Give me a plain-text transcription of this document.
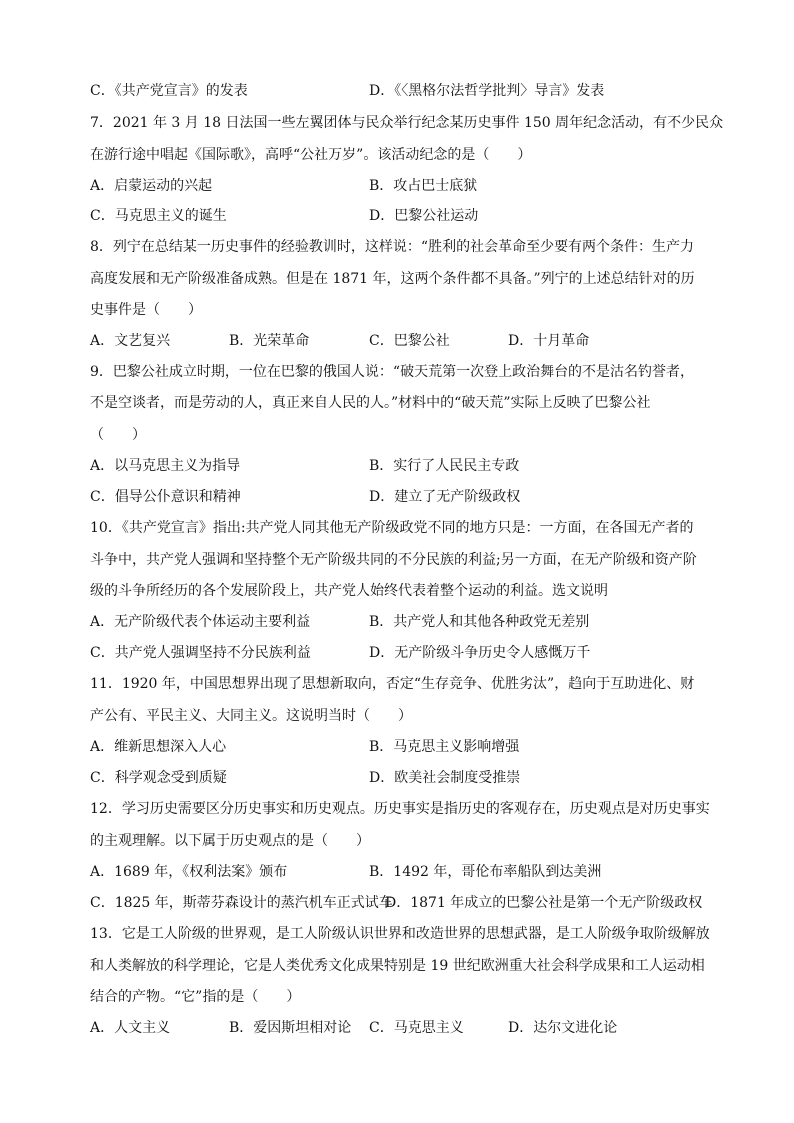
C．《共产党宣言》的发表	D．《〈黑格尔法哲学批判〉导言》发表
7．2021 年 3 月 18 日法国一些左翼团体与民众举行纪念某历史事件 150 周年纪念活动，有不少民众
在游行途中唱起《国际歌》，高呼“公社万岁”。该活动纪念的是（　　）
A．启蒙运动的兴起	B．攻占巴士底狱
C．马克思主义的诞生	D．巴黎公社运动
8．列宁在总结某一历史事件的经验教训时，这样说：“胜利的社会革命至少要有两个条件：生产力
高度发展和无产阶级准备成熟。但是在 1871 年，这两个条件都不具备。”列宁的上述总结针对的历
史事件是（　　）
A．文艺复兴	B．光荣革命	C．巴黎公社	D．十月革命
9．巴黎公社成立时期，一位在巴黎的俄国人说：“破天荒第一次登上政治舞台的不是沽名钓誉者，
不是空谈者，而是劳动的人，真正来自人民的人。”材料中的“破天荒”实际上反映了巴黎公社
（　　）
A．以马克思主义为指导	B．实行了人民民主专政
C．倡导公仆意识和精神	D．建立了无产阶级政权
10．《共产党宣言》指出:共产党人同其他无产阶级政党不同的地方只是：一方面，在各国无产者的
斗争中，共产党人强调和坚持整个无产阶级共同的不分民族的利益;另一方面，在无产阶级和资产阶
级的斗争所经历的各个发展阶段上，共产党人始终代表着整个运动的利益。选文说明
A．无产阶级代表个体运动主要利益	B．共产党人和其他各种政党无差别
C．共产党人强调坚持不分民族利益	D．无产阶级斗争历史令人感慨万千
11．1920 年，中国思想界出现了思想新取向，否定“生存竞争、优胜劣汰”，趋向于互助进化、财
产公有、平民主义、大同主义。这说明当时（　　）
A．维新思想深入人心	B．马克思主义影响增强
C．科学观念受到质疑	D．欧美社会制度受推崇
12．学习历史需要区分历史事实和历史观点。历史事实是指历史的客观存在，历史观点是对历史事实
的主观理解。以下属于历史观点的是（　　）
A．1689 年，《权利法案》颁布	B．1492 年，哥伦布率船队到达美洲
C．1825 年，斯蒂芬森设计的蒸汽机车正式试车
D．1871 年成立的巴黎公社是第一个无产阶级政权
13．它是工人阶级的世界观，是工人阶级认识世界和改造世界的思想武器，是工人阶级争取阶级解放
和人类解放的科学理论，它是人类优秀文化成果特别是 19 世纪欧洲重大社会科学成果和工人运动相
结合的产物。“它”指的是（　　）
A．人文主义	B．爱因斯坦相对论 C．马克思主义	D．达尔文进化论
